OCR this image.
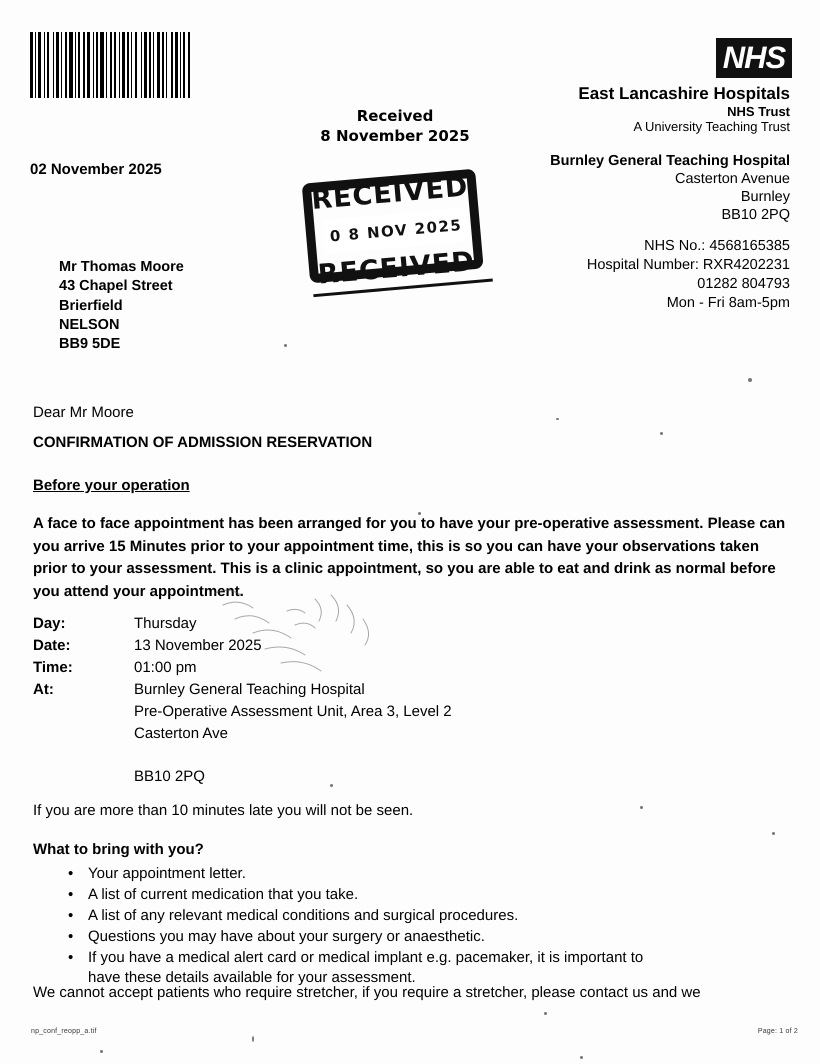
NHS
East Lancashire Hospitals
NHS Trust
A University Teaching Trust
Burnley General Teaching Hospital
Casterton Avenue
Burnley
BB10 2PQ
NHS No.: 4568165385
Hospital Number: RXR4202231
01282 804793
Mon - Fri 8am-5pm
Received
8 November 2025
RECEIVED
0 8 NOV 2025
RECEIVED
02 November 2025
Mr Thomas Moore
43 Chapel Street
Brierfield
NELSON
BB9 5DE
Dear Mr Moore
CONFIRMATION OF ADMISSION RESERVATION
Before your operation
A face to face appointment has been arranged for you to have your pre-operative assessment. Please can you arrive 15 Minutes prior to your appointment time, this is so you can have your observations taken prior to your assessment. This is a clinic appointment, so you are able to eat and drink as normal before you attend your appointment.
Day:	Thursday
Date:	13 November 2025
Time:	01:00 pm
At:	Burnley General Teaching Hospital
Pre-Operative Assessment Unit, Area 3, Level 2
Casterton Ave
BB10 2PQ
If you are more than 10 minutes late you will not be seen.
What to bring with you?
• Your appointment letter.
• A list of current medication that you take.
• A list of any relevant medical conditions and surgical procedures.
• Questions you may have about your surgery or anaesthetic.
• If you have a medical alert card or medical implant e.g. pacemaker, it is important to
have these details available for your assessment.
We cannot accept patients who require stretcher, if you require a stretcher, please contact us and we
np_conf_reopp_a.tif	Page: 1 of 2
